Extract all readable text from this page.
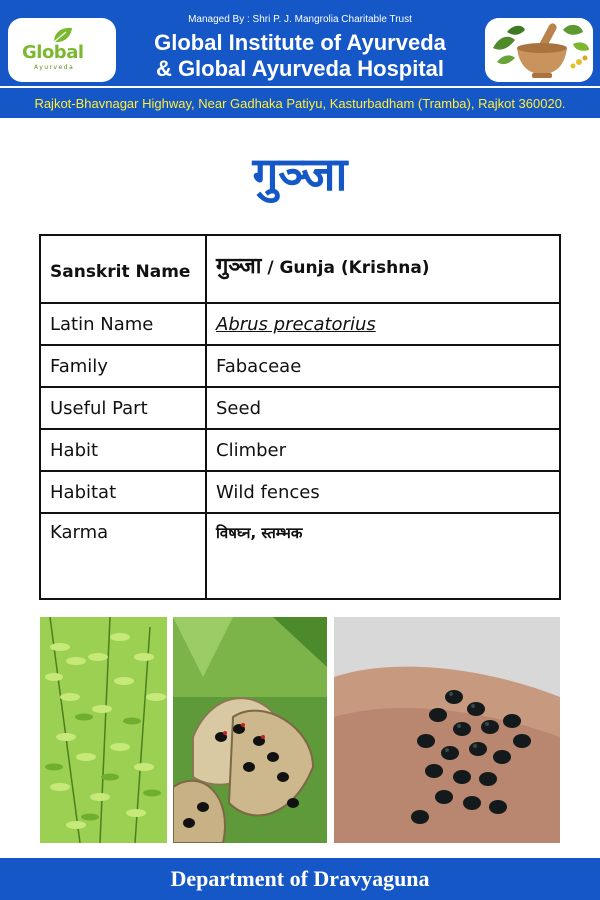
Global
Ayurveda
Managed By : Shri P. J. Mangrolia Charitable Trust
Global Institute of Ayurveda
& Global Ayurveda Hospital
Rajkot-Bhavnagar Highway, Near Gadhaka Patiyu, Kasturbadham (Tramba), Rajkot 360020.
गुञ्जा
Sanskrit Name	गुञ्जा / Gunja (Krishna)
Latin Name	Abrus precatorius
Family	Fabaceae
Useful Part	Seed
Habit	Climber
Habitat	Wild fences
Karma	विषघ्न, स्तम्भक
Department of Dravyaguna
